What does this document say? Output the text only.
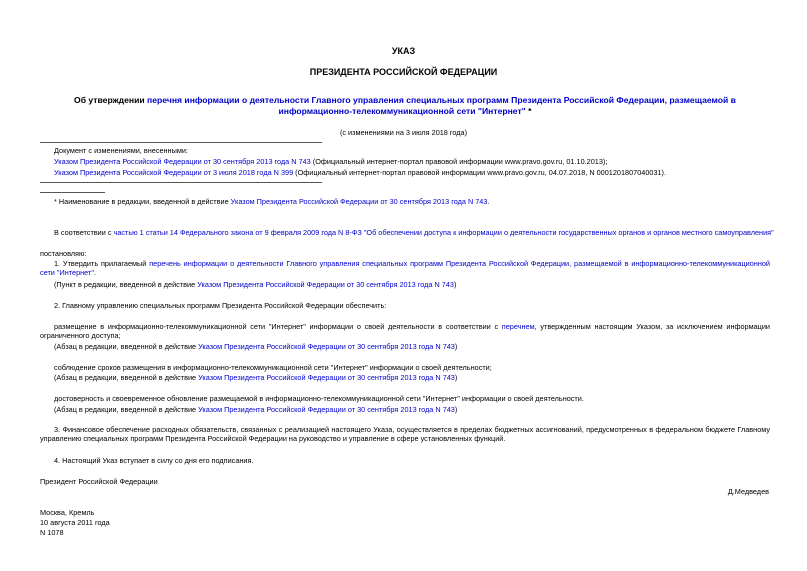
УКАЗ
ПРЕЗИДЕНТА РОССИЙСКОЙ ФЕДЕРАЦИИ
Об утверждении перечня информации о деятельности Главного управления специальных программ Президента Российской Федерации, размещаемой в информационно-телекоммуникационной сети "Интернет" *
(с изменениями на 3 июля 2018 года)
Документ с изменениями, внесенными:
Указом Президента Российской Федерации от 30 сентября 2013 года N 743 (Официальный интернет-портал правовой информации www.pravo.gov.ru, 01.10.2013);
Указом Президента Российской Федерации от 3 июля 2018 года N 399 (Официальный интернет-портал правовой информации www.pravo.gov.ru, 04.07.2018, N 0001201807040031).
* Наименование в редакции, введенной в действие Указом Президента Российской Федерации от 30 сентября 2013 года N 743.
В соответствии с частью 1 статьи 14 Федерального закона от 9 февраля 2009 года N 8-ФЗ "Об обеспечении доступа к информации о деятельности государственных органов и органов местного самоуправления"
постановляю:
1. Утвердить прилагаемый перечень информации о деятельности Главного управления специальных программ Президента Российской Федерации, размещаемой в информационно-телекоммуникационной сети "Интернет".
(Пункт в редакции, введенной в действие Указом Президента Российской Федерации от 30 сентября 2013 года N 743)
2. Главному управлению специальных программ Президента Российской Федерации обеспечить:
размещение в информационно-телекоммуникационной сети "Интернет" информации о своей деятельности в соответствии с перечнем, утвержденным настоящим Указом, за исключением информации ограниченного доступа;
(Абзац в редакции, введенной в действие Указом Президента Российской Федерации от 30 сентября 2013 года N 743)
соблюдение сроков размещения в информационно-телекоммуникационной сети "Интернет" информации о своей деятельности;
(Абзац в редакции, введенной в действие Указом Президента Российской Федерации от 30 сентября 2013 года N 743)
достоверность и своевременное обновление размещаемой в информационно-телекоммуникационной сети "Интернет" информации о своей деятельности.
(Абзац в редакции, введенной в действие Указом Президента Российской Федерации от 30 сентября 2013 года N 743)
3. Финансовое обеспечение расходных обязательств, связанных с реализацией настоящего Указа, осуществляется в пределах бюджетных ассигнований, предусмотренных в федеральном бюджете Главному управлению специальных программ Президента Российской Федерации на руководство и управление в сфере установленных функций.
4. Настоящий Указ вступает в силу со дня его подписания.
Президент Российской Федерации
Д.Медведев
Москва, Кремль
10 августа 2011 года
N 1078
